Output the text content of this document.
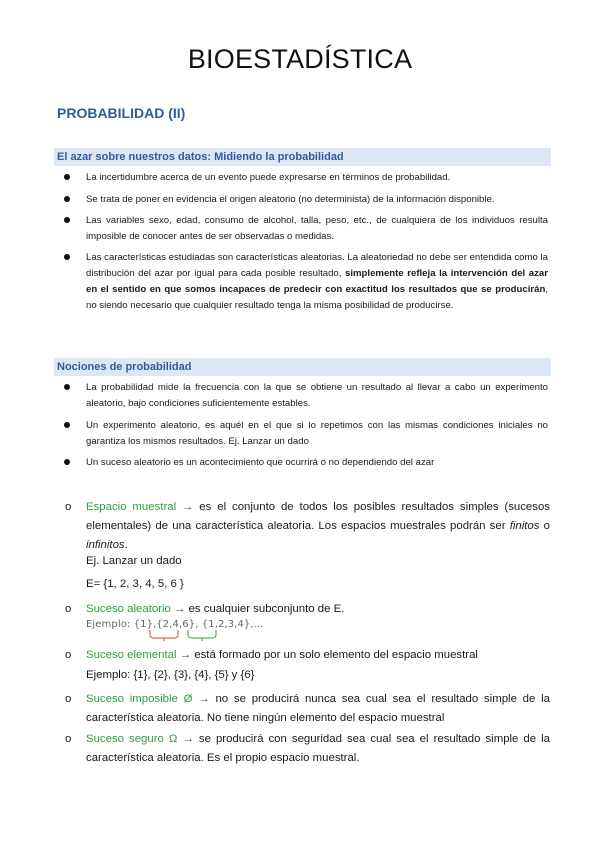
BIOESTADÍSTICA
PROBABILIDAD (II)
El azar sobre nuestros datos: Midiendo la probabilidad
La incertidumbre acerca de un evento puede expresarse en términos de probabilidad.
Se trata de poner en evidencia el origen aleatorio (no determinista) de la información disponible.
Las variables sexo, edad, consumo de alcohol, talla, peso, etc., de cualquiera de los individuos resulta imposible de conocer antes de ser observadas o medidas.
Las características estudiadas son características aleatorias. La aleatoriedad no debe ser entendida como la distribución del azar por igual para cada posible resultado, simplemente refleja la intervención del azar en el sentido en que somos incapaces de predecir con exactitud los resultados que se producirán, no siendo necesario que cualquier resultado tenga la misma posibilidad de producirse.
Nociones de probabilidad
La probabilidad mide la frecuencia con la que se obtiene un resultado al llevar a cabo un experimento aleatorio, bajo condiciones suficientemente estables.
Un experimento aleatorio, es aquél en el que si lo repetimos con las mismas condiciones iniciales no garantiza los mismos resultados. Ej. Lanzar un dado
Un suceso aleatorio es un acontecimiento que ocurrirá o no dependiendo del azar
o Espacio muestral → es el conjunto de todos los posibles resultados simples (sucesos elementales) de una característica aleatoria. Los espacios muestrales podrán ser finitos o infinitos.
Ej. Lanzar un dado
E= {1, 2, 3, 4, 5, 6 }
o Suceso aleatorio → es cualquier subconjunto de E.
Ejemplo: {1},{2,4,6}, {1,2,3,4},...
o Suceso elemental → está formado por un solo elemento del espacio muestral
Ejemplo: {1}, {2}, {3}, {4}, {5} y {6}
o Suceso imposible Ø → no se producirá nunca sea cual sea el resultado simple de la característica aleatoria. No tiene ningún elemento del espacio muestral
o Suceso seguro Ω → se producirá con seguridad sea cual sea el resultado simple de la característica aleatoria. Es el propio espacio muestral.
